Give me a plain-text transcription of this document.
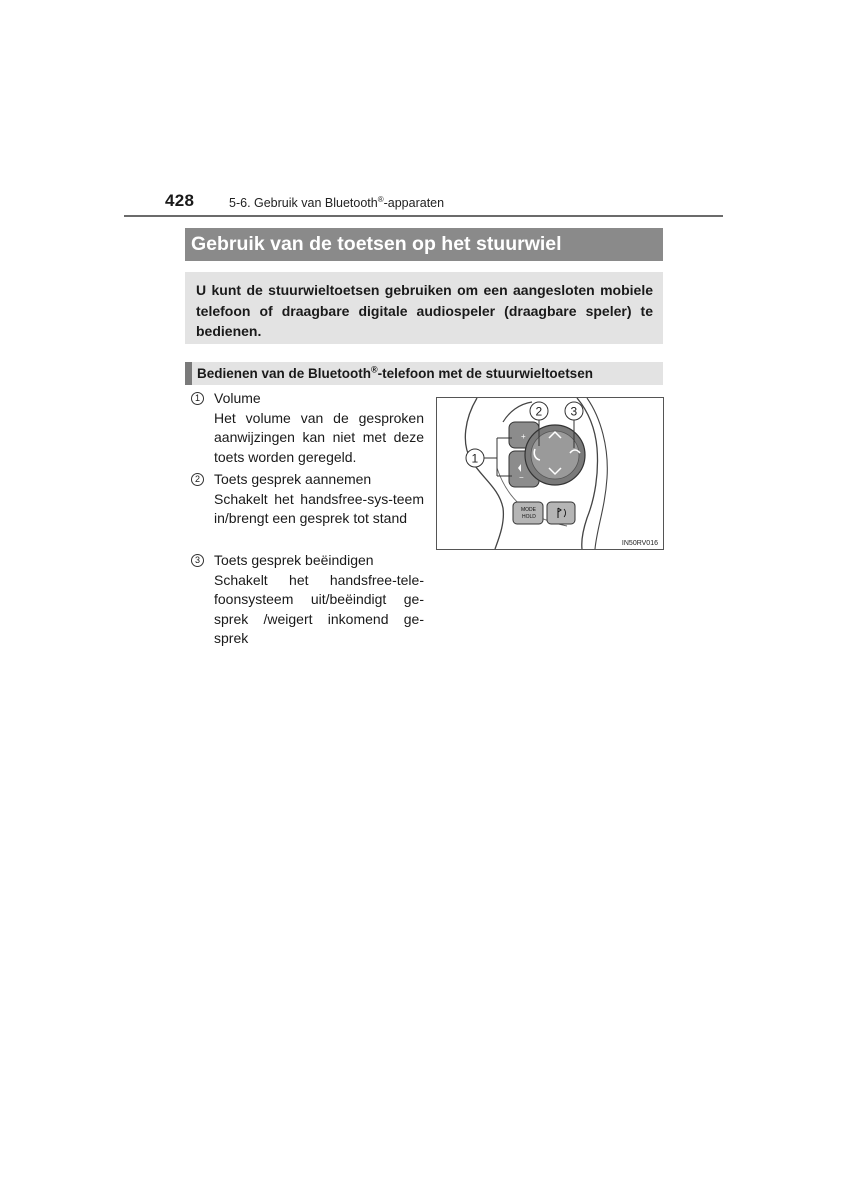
428	5-6. Gebruik van Bluetooth®-apparaten
Gebruik van de toetsen op het stuurwiel
U kunt de stuurwieltoetsen gebruiken om een aangesloten mobiele telefoon of draagbare digitale audiospeler (draagbare speler) te bedienen.
Bedienen van de Bluetooth®-telefoon met de stuurwieltoetsen
1	Volume
Het volume van de gesproken aanwijzingen kan niet met deze toets worden geregeld.
2	Toets gesprek aannemen
Schakelt het handsfree-sys-teem in/brengt een gesprek tot stand
3	Toets gesprek beëindigen
Schakelt het handsfree-tele-foonsysteem uit/beëindigt ge-sprek /weigert inkomend ge-sprek
+
−
MODE
HOLD
1
2 3
IN50RV016
